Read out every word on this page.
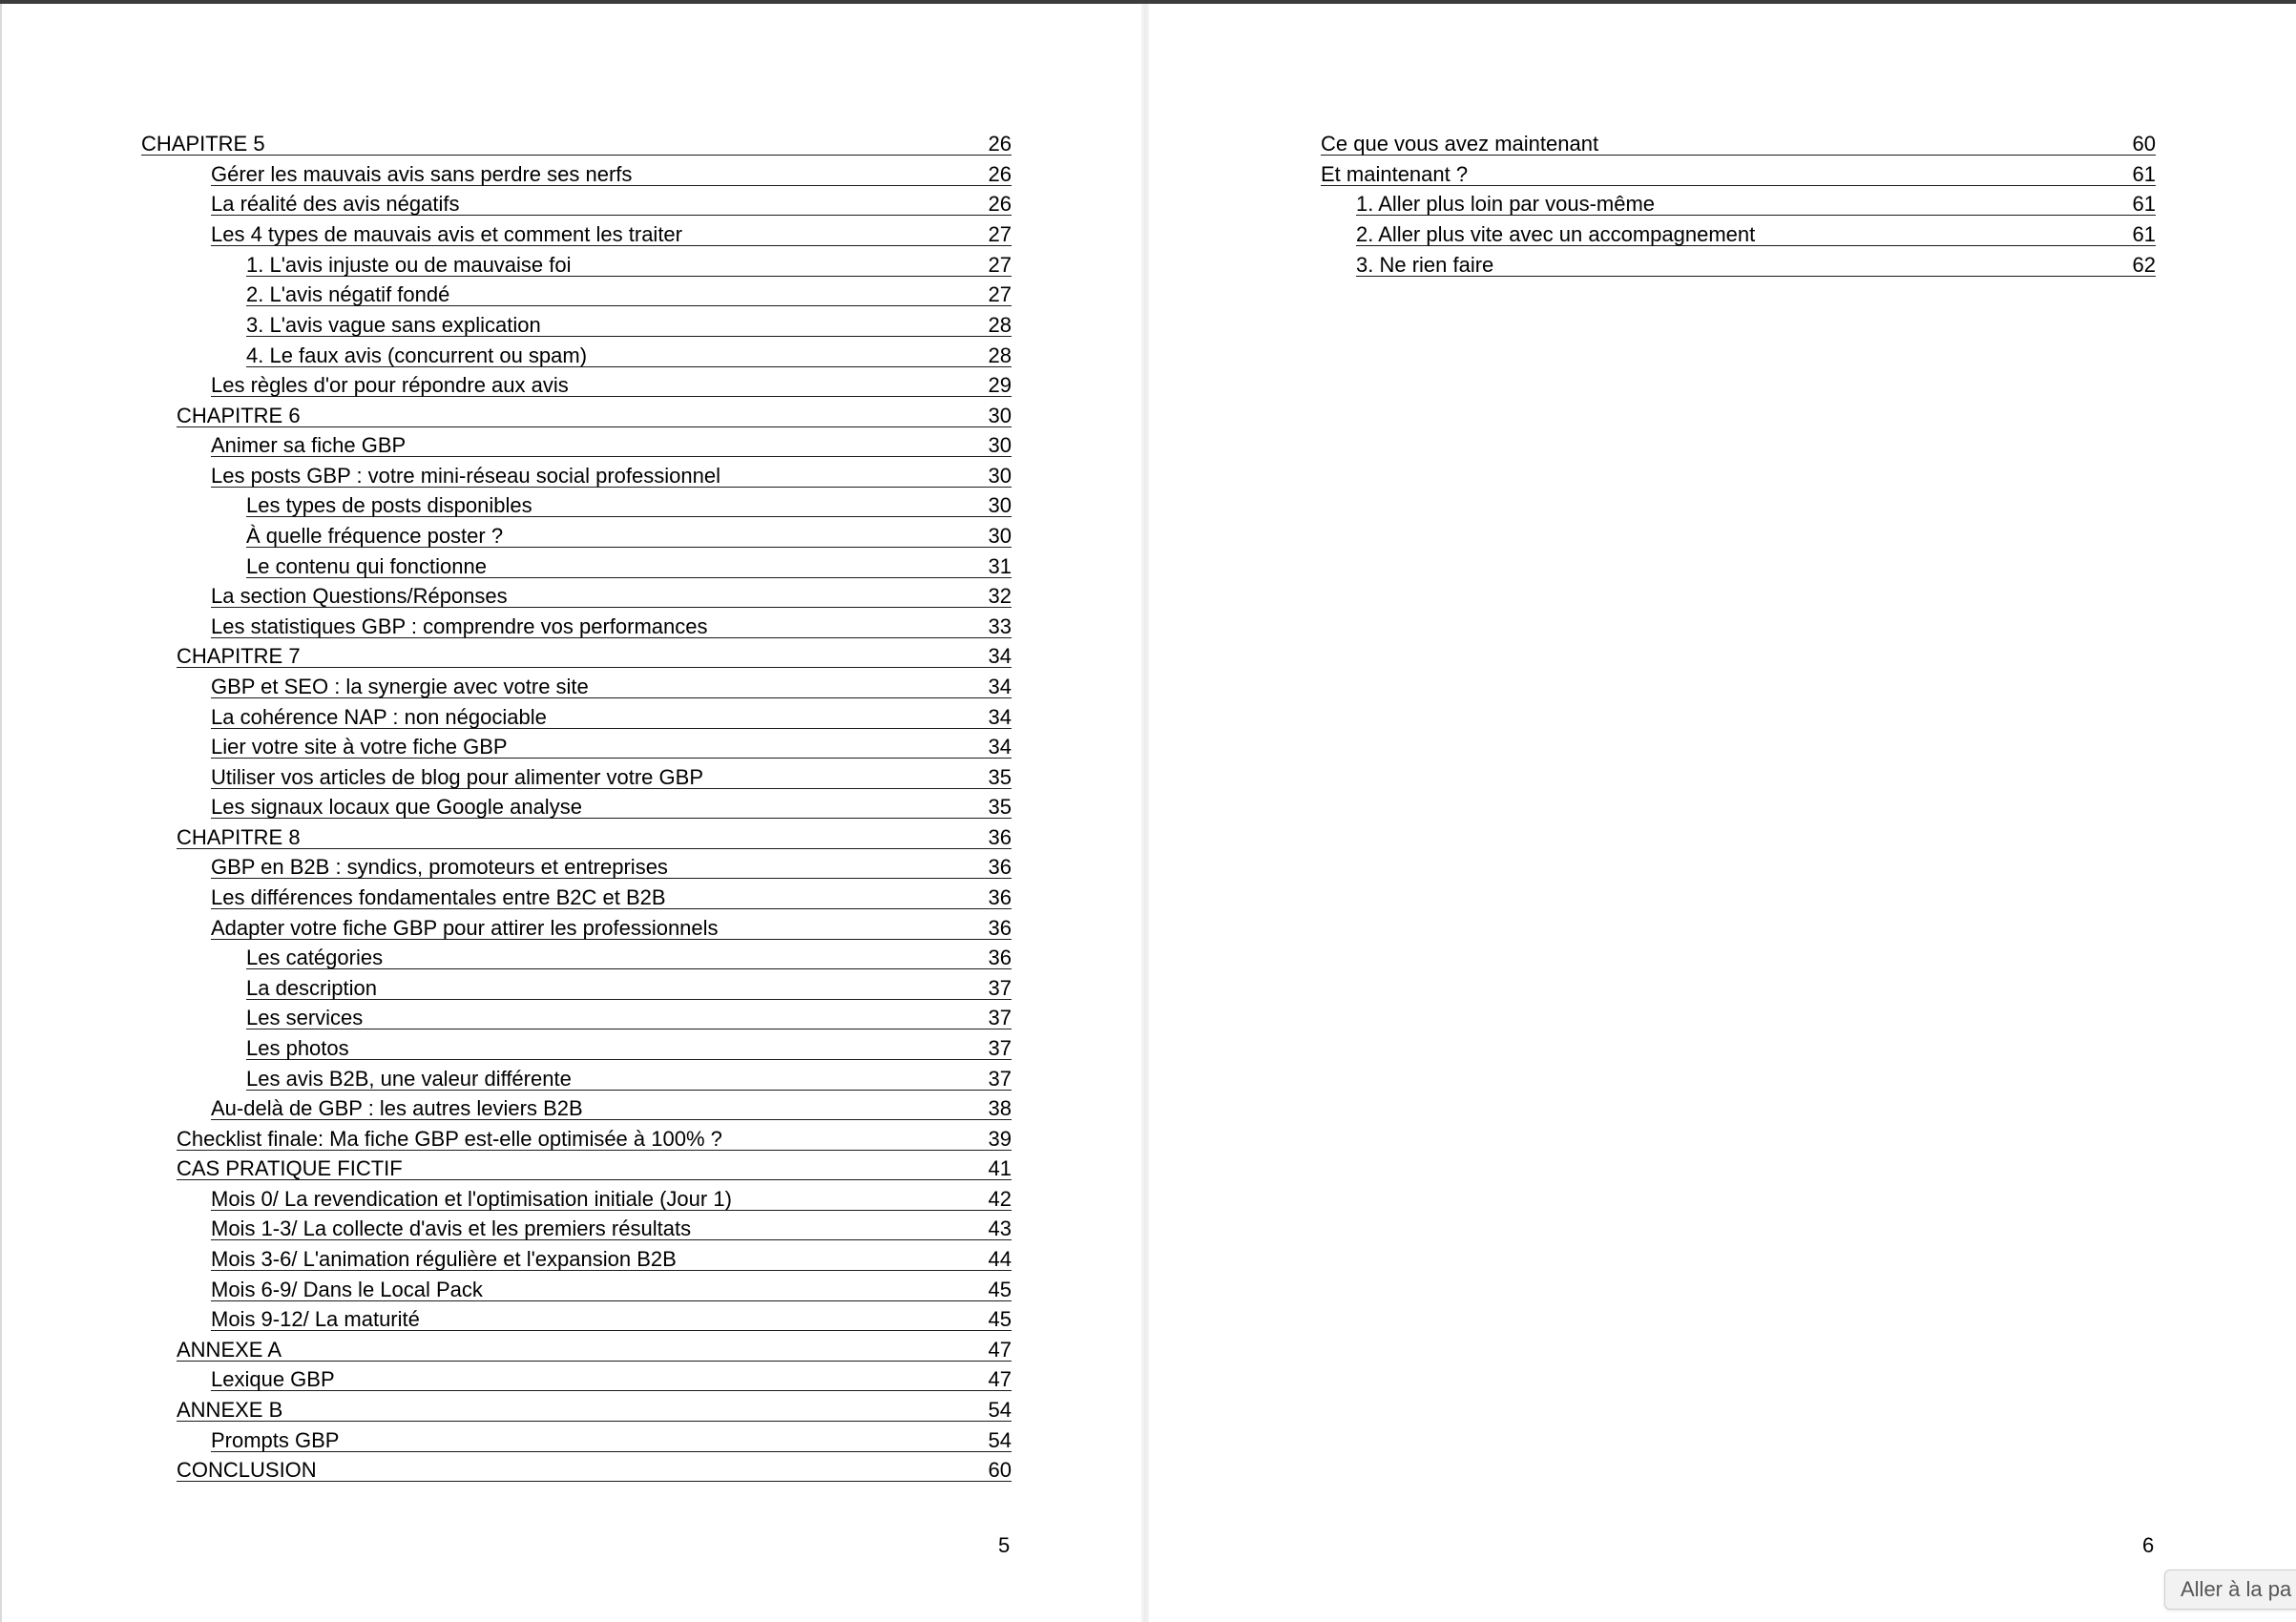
CHAPITRE 5	26
Gérer les mauvais avis sans perdre ses nerfs	26
La réalité des avis négatifs	26
Les 4 types de mauvais avis et comment les traiter	27
1. L'avis injuste ou de mauvaise foi	27
2. L'avis négatif fondé	27
3. L'avis vague sans explication	28
4. Le faux avis (concurrent ou spam)	28
Les règles d'or pour répondre aux avis	29
CHAPITRE 6	30
Animer sa fiche GBP	30
Les posts GBP : votre mini-réseau social professionnel	30
Les types de posts disponibles	30
À quelle fréquence poster ?	30
Le contenu qui fonctionne	31
La section Questions/Réponses	32
Les statistiques GBP : comprendre vos performances	33
CHAPITRE 7	34
GBP et SEO : la synergie avec votre site	34
La cohérence NAP : non négociable	34
Lier votre site à votre fiche GBP	34
Utiliser vos articles de blog pour alimenter votre GBP	35
Les signaux locaux que Google analyse	35
CHAPITRE 8	36
GBP en B2B : syndics, promoteurs et entreprises	36
Les différences fondamentales entre B2C et B2B	36
Adapter votre fiche GBP pour attirer les professionnels	36
Les catégories	36
La description	37
Les services	37
Les photos	37
Les avis B2B, une valeur différente	37
Au-delà de GBP : les autres leviers B2B	38
Checklist finale: Ma fiche GBP est-elle optimisée à 100% ?	39
CAS PRATIQUE FICTIF	41
Mois 0/ La revendication et l'optimisation initiale (Jour 1)	42
Mois 1-3/ La collecte d'avis et les premiers résultats	43
Mois 3-6/ L'animation régulière et l'expansion B2B	44
Mois 6-9/ Dans le Local Pack	45
Mois 9-12/ La maturité	45
ANNEXE A	47
Lexique GBP	47
ANNEXE B	54
Prompts GBP	54
CONCLUSION	60
5
Ce que vous avez maintenant	60
Et maintenant ?	61
1. Aller plus loin par vous-même	61
2. Aller plus vite avec un accompagnement	61
3. Ne rien faire	62
6
Aller à la pa
